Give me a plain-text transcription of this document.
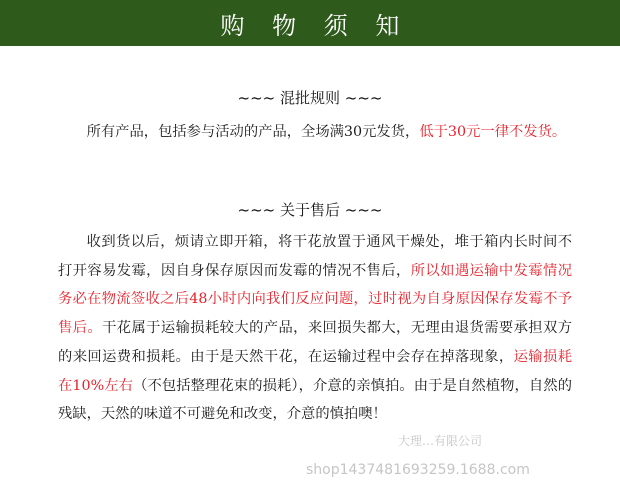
购 物 须 知
~~~ 混批规则 ~~~

所有产品，包括参与活动的产品，全场满30元发货，低于30元一律不发货。

~~~ 关于售后 ~~~

收到货以后，烦请立即开箱，将干花放置于通风干燥处，堆于箱内长时间不打开容易发霉，因自身保存原因而发霉的情况不售后，所以如遇运输中发霉情况务必在物流签收之后48小时内向我们反应问题，过时视为自身原因保存发霉不予售后。干花属于运输损耗较大的产品，来回损失都大，无理由退货需要承担双方的来回运费和损耗。由于是天然干花，在运输过程中会存在掉落现象，运输损耗在10%左右（不包括整理花束的损耗），介意的亲慎拍。由于是自然植物，自然的残缺，天然的味道不可避免和改变，介意的慎拍噢！

大理…有限公司
shop1437481693259.1688.com
